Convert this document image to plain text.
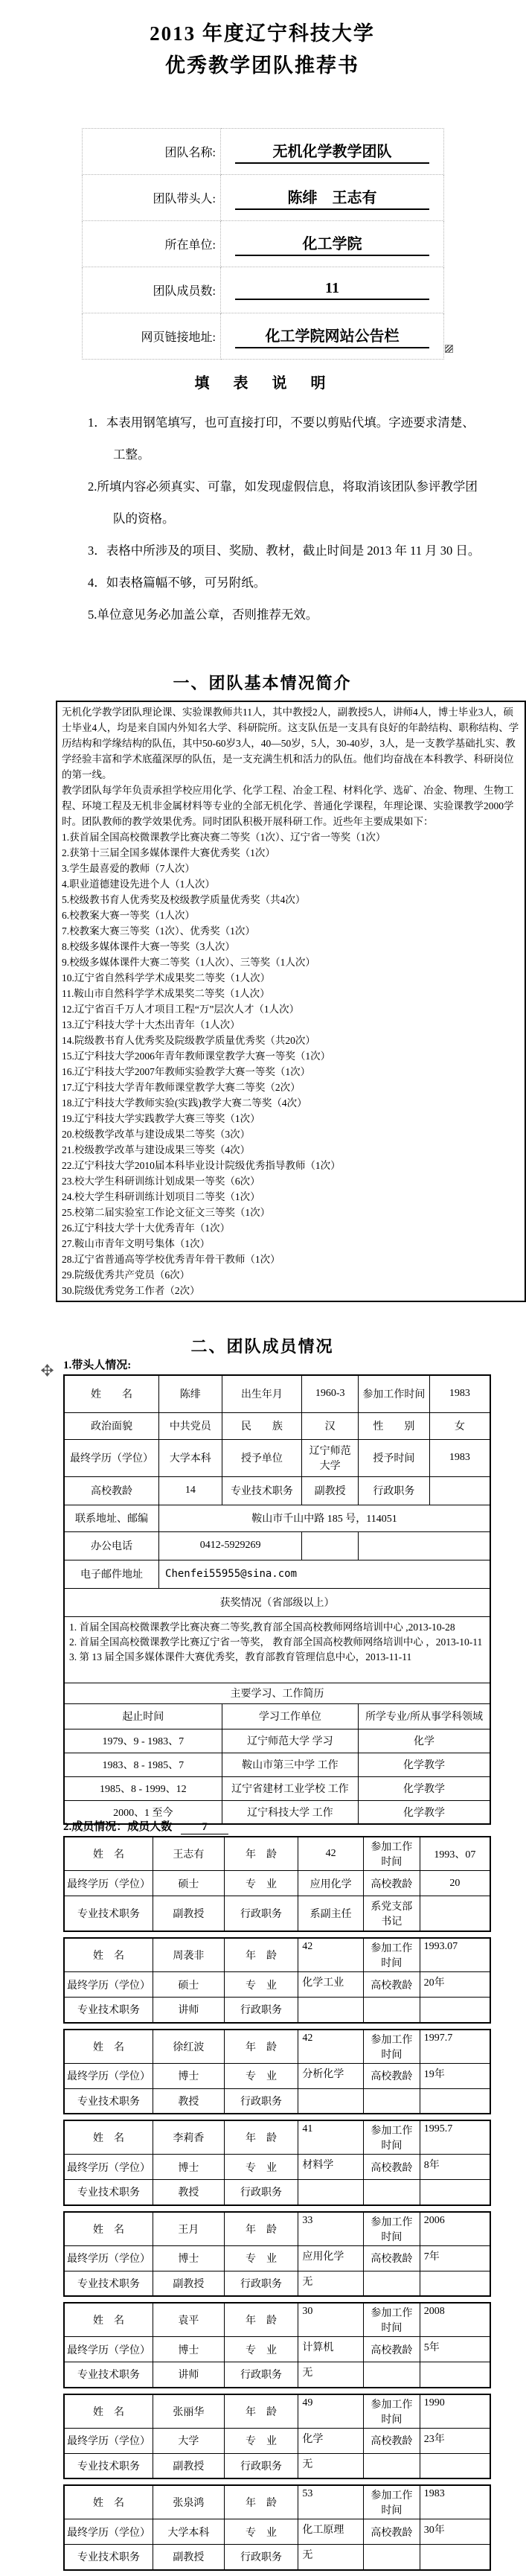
2013 年度辽宁科技大学
优秀教学团队推荐书
团队名称:	无机化学教学团队

团队带头人:	陈绯　王志有

所在单位:	化工学院

团队成员数:	11

网页链接地址:	化工学院网站公告栏
填　表　说　明
1．本表用钢笔填写，也可直接打印，不要以剪贴代填。字迹要求清楚、工整。
2.所填内容必须真实、可靠，如发现虚假信息，将取消该团队参评教学团队的资格。
3．表格中所涉及的项目、奖励、教材，截止时间是 2013 年 11 月 30 日。
4．如表格篇幅不够，可另附纸。
5.单位意见务必加盖公章，否则推荐无效。
一、团队基本情况简介
无机化学教学团队理论课、实验课教师共11人，其中教授2人，副教授5人，讲师4人，博士毕业3人，硕士毕业4人，均是来自国内外知名大学、科研院所。这支队伍是一支具有良好的年龄结构、职称结构、学历结构和学缘结构的队伍，其中50-60岁3人，40—50岁，5人，30-40岁，3人，是一支教学基础扎实、教学经验丰富和学术底蕴深厚的队伍，是一支充满生机和活力的队伍。他们均奋战在本科教学、科研岗位的第一线。
教学团队每学年负责承担学校应用化学、化学工程、冶金工程、材料化学、选矿、冶金、物理、生物工程、环境工程及无机非金属材料等专业的全部无机化学、普通化学课程，年理论课、实验课教学2000学时。团队教师的教学效果优秀。同时团队积极开展科研工作。近些年主要成果如下：
1.获首届全国高校微课教学比赛决赛二等奖（1次）、辽宁省一等奖（1次）
2.获第十三届全国多媒体课件大赛优秀奖（1次）
3.学生最喜爱的教师（7人次）
4.职业道德建设先进个人（1人次）
5.校级教书育人优秀奖及校级教学质量优秀奖（共4次）
6.校教案大赛一等奖（1人次）
7.校教案大赛三等奖（1次）、优秀奖（1次）
8.校级多媒体课件大赛一等奖（3人次）
9.校级多媒体课件大赛二等奖（1人次）、三等奖（1人次）
10.辽宁省自然科学学术成果奖二等奖（1人次）
11.鞍山市自然科学学术成果奖二等奖（1人次）
12.辽宁省百千万人才项目工程“万”层次人才（1人次）
13.辽宁科技大学十大杰出青年（1人次）
14.院级教书育人优秀奖及院级教学质量优秀奖（共20次）
15.辽宁科技大学2006年青年教师课堂教学大赛一等奖（1次）
16.辽宁科技大学2007年教师实验教学大赛一等奖（1次）
17.辽宁科技大学青年教师课堂教学大赛二等奖（2次）
18.辽宁科技大学教师实验(实践)教学大赛二等奖（4次）
19.辽宁科技大学实践教学大赛三等奖（1次）
20.校级教学改革与建设成果二等奖（3次）
21.校级教学改革与建设成果三等奖（4次）
22.辽宁科技大学2010届本科毕业设计院级优秀指导教师（1次）
23.校大学生科研训练计划成果一等奖（6次）
24.校大学生科研训练计划项目二等奖（1次）
25.校第二届实验室工作论文征文三等奖（1次）
26.辽宁科技大学十大优秀青年（1次）
27.鞍山市青年文明号集体（1次）
28.辽宁省普通高等学校优秀青年骨干教师（1次）
29.院级优秀共产党员（6次）
30.院级优秀党务工作者（2次）
二、团队成员情况
1.带头人情况:
姓　　名	陈绯	出生年月	1960-3	参加工作时间	1983
政治面貌	中共党员	民　　族	汉	性　　别	女
最终学历（学位）	大学本科	授予单位	辽宁师范大学	授予时间	1983
高校教龄	14	专业技术职务	副教授	行政职务	
联系地址、邮编	鞍山市千山中路 185 号，114051				
办公电话	0412-5929269				
电子邮件地址	Chenfei55955@sina.com				
获奖情况（省部级以上）					

1. 首届全国高校微课教学比赛决赛二等奖,教育部全国高校教师网络培训中心 ,2013-10-28
2. 首届全国高校微课教学比赛辽宁省一等奖， 教育部全国高校教师网络培训中心 ，2013-10-11
3. 第 13 届全国多媒体课件大赛优秀奖，教育部教育管理信息中心，2013-11-11					

主要学习、工作简历					
起止时间		学习工作单位		所学专业/所从事学科领域	
1979、9 - 1983、7		辽宁师范大学 学习		化学	
1983、8 - 1985、7		鞍山市第三中学 工作		化学教学	
1985、8 - 1999、12		辽宁省建材工业学校 工作		化学教学	
2000、1 至今		辽宁科技大学 工作		化学教学	
2.成员情况：成员人数	7
姓　名	王志有	年　龄	42	参加工作时间	1993、07
最终学历（学位）	硕士	专　业	应用化学	高校教龄	20
专业技术职务	副教授	行政职务	系副主任	系党支部书记	
姓　名	周袭非	年　龄	42	参加工作时间	1993.07
最终学历（学位）	硕士	专　业	化学工业	高校教龄	20年
专业技术职务	讲师	行政职务			
姓　名	徐红波	年　龄	42	参加工作时间	1997.7
最终学历（学位）	博士	专　业	分析化学	高校教龄	19年
专业技术职务	教授	行政职务			
姓　名	李莉香	年　龄	41	参加工作时间	1995.7
最终学历（学位）	博士	专　业	材料学	高校教龄	8年
专业技术职务	教授	行政职务			
姓　名	王月	年　龄	33	参加工作时间	2006
最终学历（学位）	博士	专　业	应用化学	高校教龄	7年
专业技术职务	副教授	行政职务	无		
姓　名	袁平	年　龄	30	参加工作时间	2008
最终学历（学位）	博士	专　业	计算机	高校教龄	5年
专业技术职务	讲师	行政职务	无		
姓　名	张丽华	年　龄	49	参加工作时间	1990
最终学历（学位）	大学	专　业	化学	高校教龄	23年
专业技术职务	副教授	行政职务	无		
姓　名	张泉鸿	年　龄	53	参加工作时间	1983
最终学历（学位）	大学本科	专　业	化工原理	高校教龄	30年
专业技术职务	副教授	行政职务	无		
